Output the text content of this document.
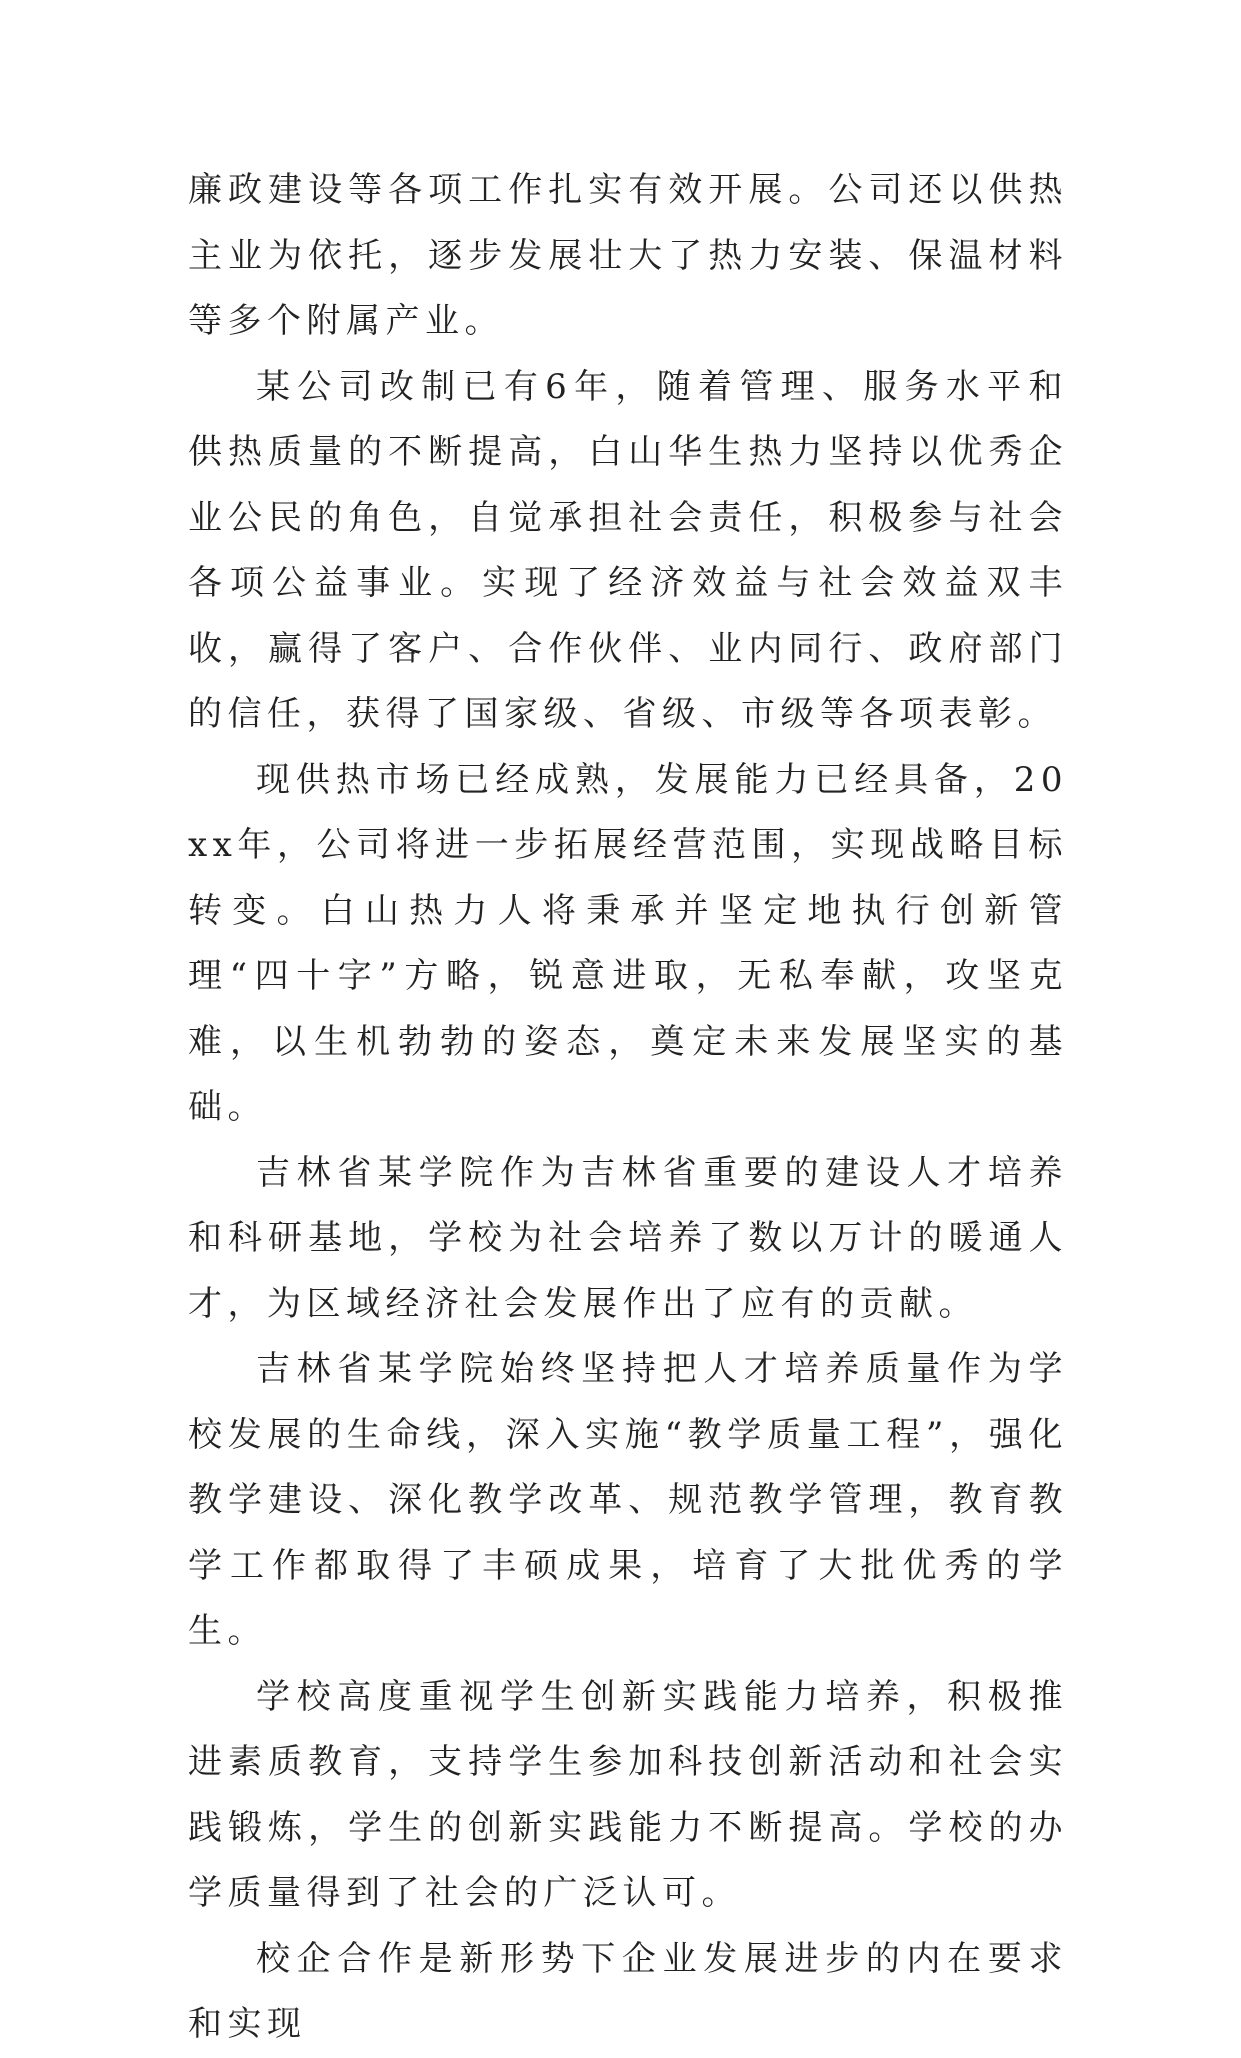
廉政建设等各项工作扎实有效开展。公司还以供热主业为依托，逐步发展壮大了热力安装、保温材料等多个附属产业。

某公司改制已有6年，随着管理、服务水平和供热质量的不断提高，白山华生热力坚持以优秀企业公民的角色，自觉承担社会责任，积极参与社会各项公益事业。实现了经济效益与社会效益双丰收，赢得了客户、合作伙伴、业内同行、政府部门的信任，获得了国家级、省级、市级等各项表彰。

现供热市场已经成熟，发展能力已经具备，20xx年，公司将进一步拓展经营范围，实现战略目标转变。白山热力人将秉承并坚定地执行创新管理“四十字”方略，锐意进取，无私奉献，攻坚克难，以生机勃勃的姿态，奠定未来发展坚实的基础。

吉林省某学院作为吉林省重要的建设人才培养和科研基地，学校为社会培养了数以万计的暖通人才，为区域经济社会发展作出了应有的贡献。

吉林省某学院始终坚持把人才培养质量作为学校发展的生命线，深入实施“教学质量工程”，强化教学建设、深化教学改革、规范教学管理，教育教学工作都取得了丰硕成果，培育了大批优秀的学生。

学校高度重视学生创新实践能力培养，积极推进素质教育，支持学生参加科技创新活动和社会实践锻炼，学生的创新实践能力不断提高。学校的办学质量得到了社会的广泛认可。

校企合作是新形势下企业发展进步的内在要求和实现
